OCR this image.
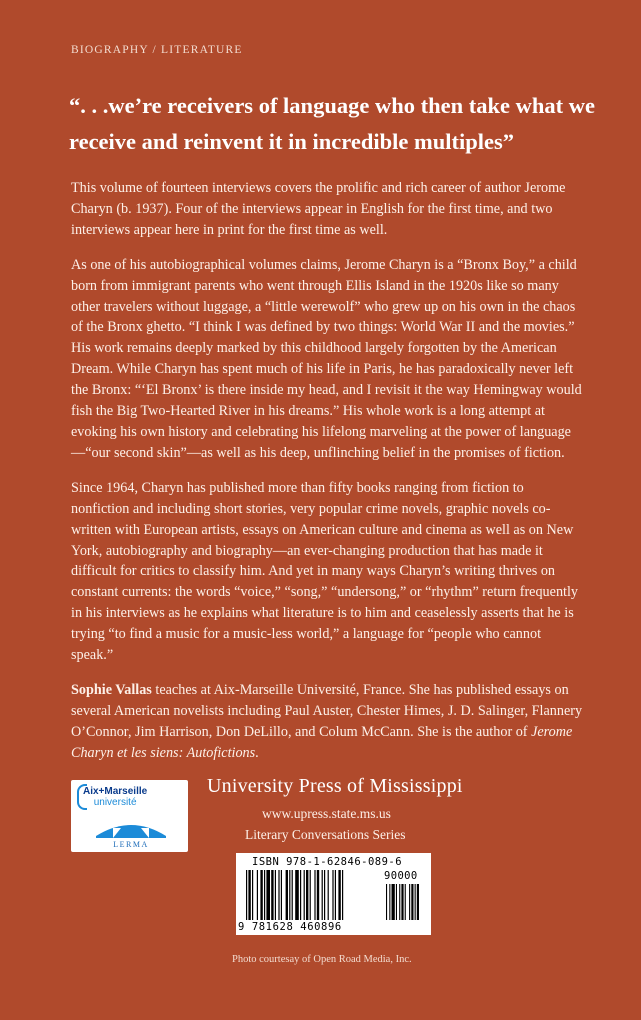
BIOGRAPHY / LITERATURE

“. . .we’re receivers of language who then take what we receive and reinvent it in incredible multiples”

This volume of fourteen interviews covers the prolific and rich career of author Jerome Charyn (b. 1937). Four of the interviews appear in English for the first time, and two interviews appear here in print for the first time as well.

As one of his autobiographical volumes claims, Jerome Charyn is a “Bronx Boy,” a child born from immigrant parents who went through Ellis Island in the 1920s like so many other travelers without luggage, a “little werewolf” who grew up on his own in the chaos of the Bronx ghetto. “I think I was defined by two things: World War II and the movies.” His work remains deeply marked by this childhood largely forgotten by the American Dream. While Charyn has spent much of his life in Paris, he has paradoxically never left the Bronx: “‘El Bronx’ is there inside my head, and I revisit it the way Hemingway would fish the Big Two-Hearted River in his dreams.” His whole work is a long attempt at evoking his own history and celebrating his lifelong marveling at the power of language—“our second skin”—as well as his deep, unflinching belief in the promises of fiction.

Since 1964, Charyn has published more than fifty books ranging from fiction to nonfiction and including short stories, very popular crime novels, graphic novels co-written with European artists, essays on American culture and cinema as well as on New York, autobiography and biography—an ever-changing production that has made it difficult for critics to classify him. And yet in many ways Charyn’s writing thrives on constant currents: the words “voice,” “song,” “undersong,” or “rhythm” return frequently in his interviews as he explains what literature is to him and ceaselessly asserts that he is trying “to find a music for a music-less world,” a language for “people who cannot speak.”

Sophie Vallas teaches at Aix-Marseille Université, France. She has published essays on several American novelists including Paul Auster, Chester Himes, J. D. Salinger, Flannery O’Connor, Jim Harrison, Don DeLillo, and Colum McCann. She is the author of Jerome Charyn et les siens: Autofictions.

Aix+Marseille
université
LERMA
University Press of Mississippi
www.upress.state.ms.us
Literary Conversations Series
ISBN 978-1-62846-089-6
90000
9 781628 460896
Photo courtesay of Open Road Media, Inc.
